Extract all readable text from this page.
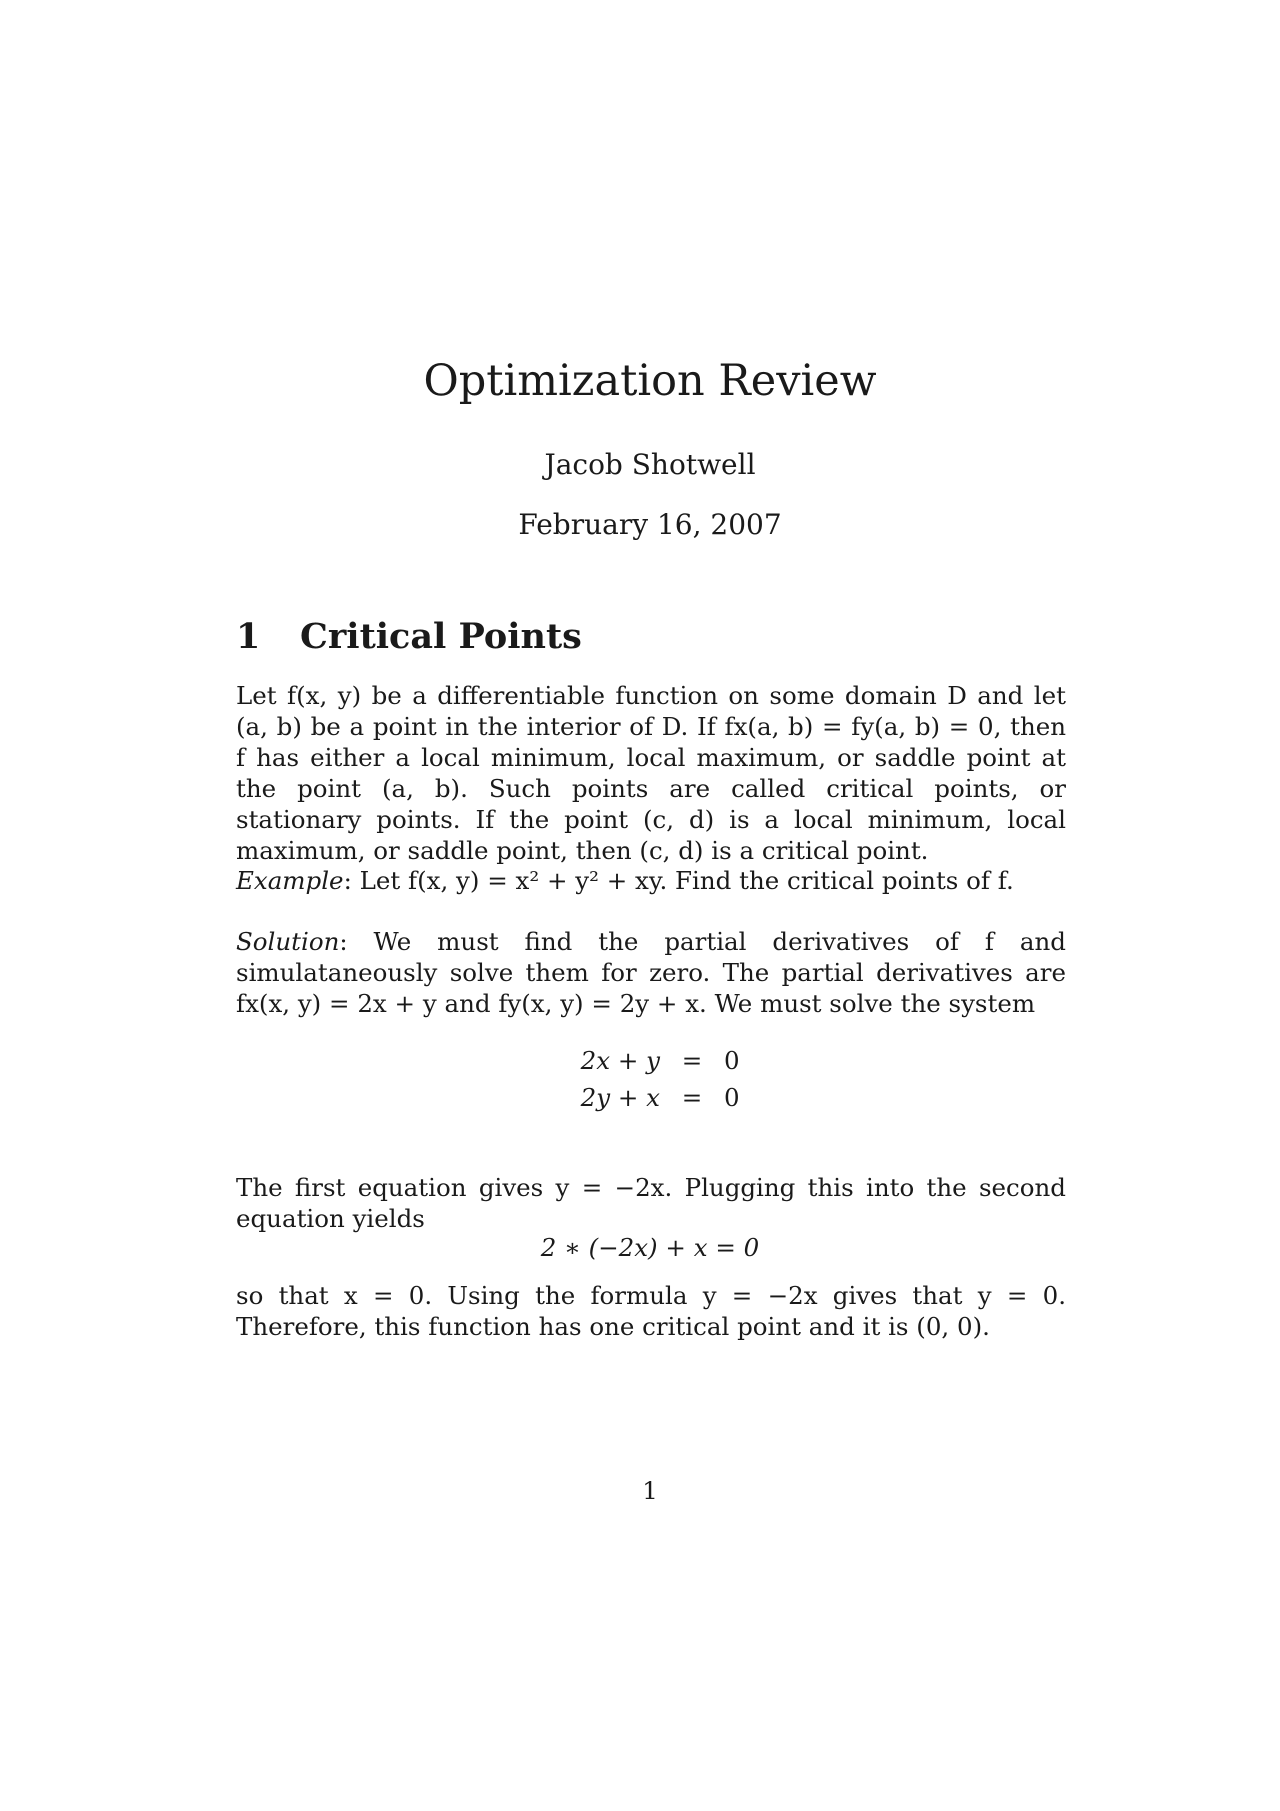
Optimization Review
Jacob Shotwell
February 16, 2007
1 Critical Points

Let f(x, y) be a differentiable function on some domain D and let (a, b) be a point in the interior of D. If fx(a, b) = fy(a, b) = 0, then f has either a local minimum, local maximum, or saddle point at the point (a, b). Such points are called critical points, or stationary points. If the point (c, d) is a local minimum, local maximum, or saddle point, then (c, d) is a critical point.

Example: Let f(x, y) = x² + y² + xy. Find the critical points of f.

Solution: We must find the partial derivatives of f and simulataneously solve them for zero. The partial derivatives are fx(x, y) = 2x + y and fy(x, y) = 2y + x. We must solve the system

2x + y = 0
2y + x = 0

The first equation gives y = −2x. Plugging this into the second equation yields

2 ∗ (−2x) + x = 0

so that x = 0. Using the formula y = −2x gives that y = 0. Therefore, this function has one critical point and it is (0, 0).

1
